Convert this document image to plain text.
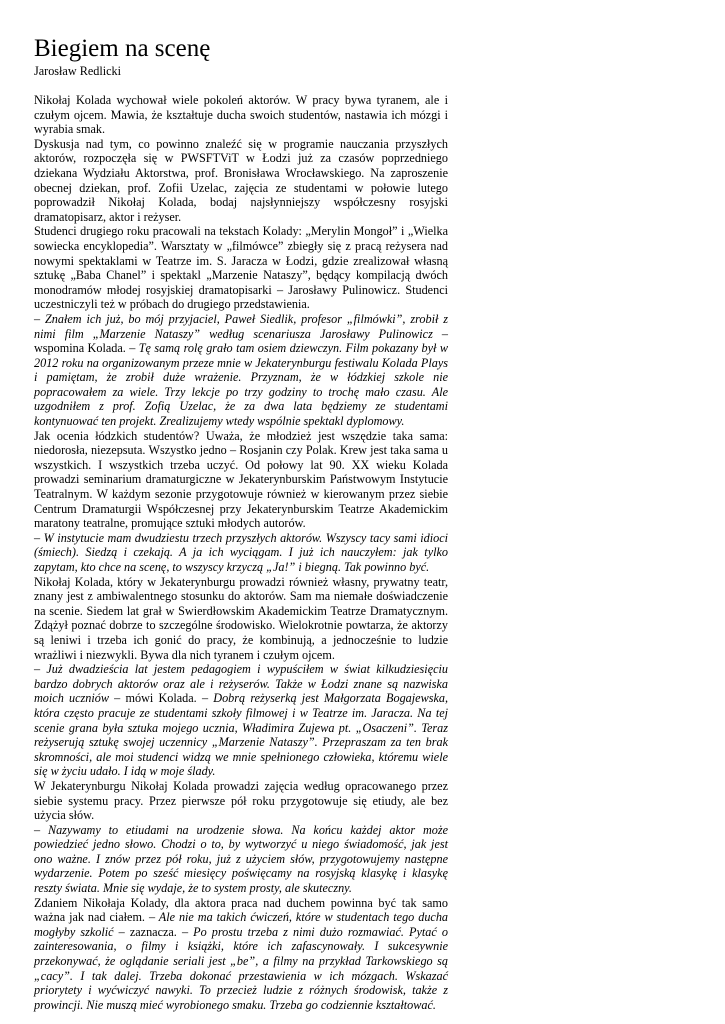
Biegiem na scenę
Jarosław Redlicki

Nikołaj Kolada wychował wiele pokoleń aktorów. W pracy bywa tyranem, ale i czułym ojcem. Mawia, że kształtuje ducha swoich studentów, nastawia ich mózgi i wyrabia smak.

Dyskusja nad tym, co powinno znaleźć się w programie nauczania przyszłych aktorów, rozpoczęła się w PWSFTViT w Łodzi już za czasów poprzedniego dziekana Wydziału Aktorstwa, prof. Bronisława Wrocławskiego. Na zaproszenie obecnej dziekan, prof. Zofii Uzelac, zajęcia ze studentami w połowie lutego poprowadził Nikołaj Kolada, bodaj najsłynniejszy współczesny rosyjski dramatopisarz, aktor i reżyser.

Studenci drugiego roku pracowali na tekstach Kolady: „Merylin Mongoł” i „Wielka sowiecka encyklopedia”. Warsztaty w „filmówce” zbiegły się z pracą reżysera nad nowymi spektaklami w Teatrze im. S. Jaracza w Łodzi, gdzie zrealizował własną sztukę „Baba Chanel” i spektakl „Marzenie Nataszy”, będący kompilacją dwóch monodramów młodej rosyjskiej dramatopisarki – Jarosławy Pulinowicz. Studenci uczestniczyli też w próbach do drugiego przedstawienia.

– Znałem ich już, bo mój przyjaciel, Paweł Siedlik, profesor „filmówki”, zrobił z nimi film „Marzenie Nataszy” według scenariusza Jarosławy Pulinowicz – wspomina Kolada. – Tę samą rolę grało tam osiem dziewczyn. Film pokazany był w 2012 roku na organizowanym przeze mnie w Jekaterynburgu festiwalu Kolada Plays i pamiętam, że zrobił duże wrażenie. Przyznam, że w łódzkiej szkole nie popracowałem za wiele. Trzy lekcje po trzy godziny to trochę mało czasu. Ale uzgodniłem z prof. Zofią Uzelac, że za dwa lata będziemy ze studentami kontynuować ten projekt. Zrealizujemy wtedy wspólnie spektakl dyplomowy.

Jak ocenia łódzkich studentów? Uważa, że młodzież jest wszędzie taka sama: niedorosła, niezepsuta. Wszystko jedno – Rosjanin czy Polak. Krew jest taka sama u wszystkich. I wszystkich trzeba uczyć. Od połowy lat 90. XX wieku Kolada prowadzi seminarium dramaturgiczne w Jekaterynburskim Państwowym Instytucie Teatralnym. W każdym sezonie przygotowuje również w kierowanym przez siebie Centrum Dramaturgii Współczesnej przy Jekaterynburskim Teatrze Akademickim maratony teatralne, promujące sztuki młodych autorów.

– W instytucie mam dwudziestu trzech przyszłych aktorów. Wszyscy tacy sami idioci (śmiech). Siedzą i czekają. A ja ich wyciągam. I już ich nauczyłem: jak tylko zapytam, kto chce na scenę, to wszyscy krzyczą „Ja!” i biegną. Tak powinno być.

Nikołaj Kolada, który w Jekaterynburgu prowadzi również własny, prywatny teatr, znany jest z ambiwalentnego stosunku do aktorów. Sam ma niemałe doświadczenie na scenie. Siedem lat grał w Swierdłowskim Akademickim Teatrze Dramatycznym. Zdążył poznać dobrze to szczególne środowisko. Wielokrotnie powtarza, że aktorzy są leniwi i trzeba ich gonić do pracy, że kombinują, a jednocześnie to ludzie wrażliwi i niezwykli. Bywa dla nich tyranem i czułym ojcem.

– Już dwadzieścia lat jestem pedagogiem i wypuściłem w świat kilkudziesięciu bardzo dobrych aktorów oraz ale i reżyserów. Także w Łodzi znane są nazwiska moich uczniów – mówi Kolada. – Dobrą reżyserką jest Małgorzata Bogajewska, która często pracuje ze studentami szkoły filmowej i w Teatrze im. Jaracza. Na tej scenie grana była sztuka mojego ucznia, Władimira Zujewa pt. „Osaczeni”. Teraz reżyserują sztukę swojej uczennicy „Marzenie Nataszy”. Przepraszam za ten brak skromności, ale moi studenci widzą we mnie spełnionego człowieka, któremu wiele się w życiu udało. I idą w moje ślady.

W Jekaterynburgu Nikołaj Kolada prowadzi zajęcia według opracowanego przez siebie systemu pracy. Przez pierwsze pół roku przygotowuje się etiudy, ale bez użycia słów.

– Nazywamy to etiudami na urodzenie słowa. Na końcu każdej aktor może powiedzieć jedno słowo. Chodzi o to, by wytworzyć u niego świadomość, jak jest ono ważne. I znów przez pół roku, już z użyciem słów, przygotowujemy następne wydarzenie. Potem po sześć miesięcy poświęcamy na rosyjską klasykę i klasykę reszty świata. Mnie się wydaje, że to system prosty, ale skuteczny.

Zdaniem Nikołaja Kolady, dla aktora praca nad duchem powinna być tak samo ważna jak nad ciałem. – Ale nie ma takich ćwiczeń, które w studentach tego ducha mogłyby szkolić – zaznacza. – Po prostu trzeba z nimi dużo rozmawiać. Pytać o zainteresowania, o filmy i książki, które ich zafascynowały. I sukcesywnie przekonywać, że oglądanie seriali jest „be”, a filmy na przykład Tarkowskiego są „cacy”. I tak dalej. Trzeba dokonać przestawienia w ich mózgach. Wskazać priorytety i wyćwiczyć nawyki. To przecież ludzie z różnych środowisk, także z prowincji. Nie muszą mieć wyrobionego smaku. Trzeba go codziennie kształtować.
